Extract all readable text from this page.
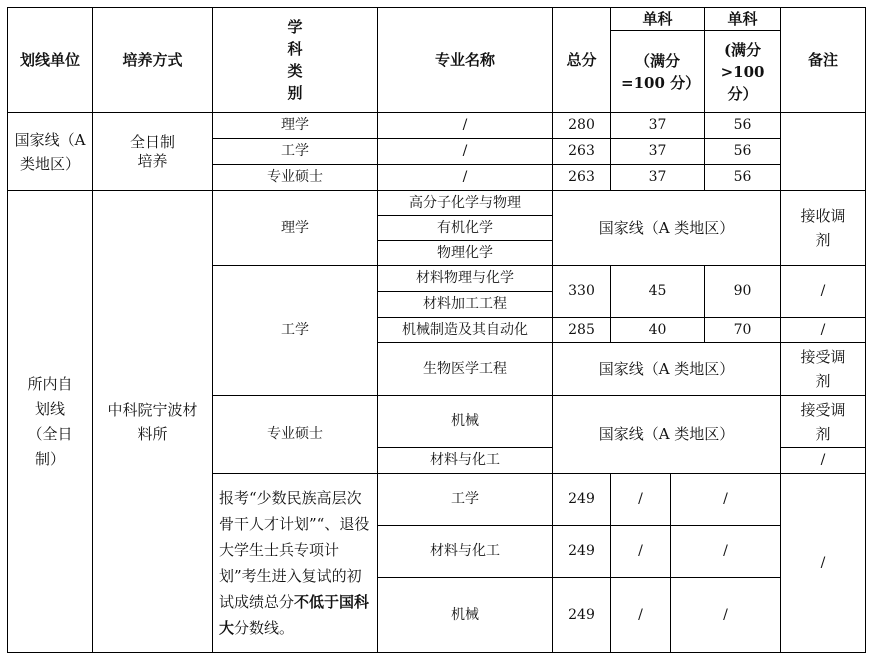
划线单位	培养方式	学科类别	专业名称	总分	单科		单科	备注
					（满分=100 分）		(满分>100 分）	
国家线（A 类地区）	全日制培养	理学	/	280	37		56	
		工学	/	263	37		56	
		专业硕士	/	263	37		56	
所内自划线（全日制）	中科院宁波材料所	理学	高分子化学与物理	国家线（A 类地区）				接收调剂
			有机化学					
			物理化学					
		工学	材料物理与化学	330	45		90	/
			材料加工工程					
			机械制造及其自动化	285	40		70	/
			生物医学工程	国家线（A 类地区）				接受调剂
		专业硕士	机械	国家线（A 类地区）				接受调剂
			材料与化工					/
		报考“少数民族高层次骨干人才计划”“、退役大学生士兵专项计划”考生进入复试的初试成绩总分不低于国科大分数线。	工学	249	/	/		/
			材料与化工	249	/	/		
			机械	249	/	/		
